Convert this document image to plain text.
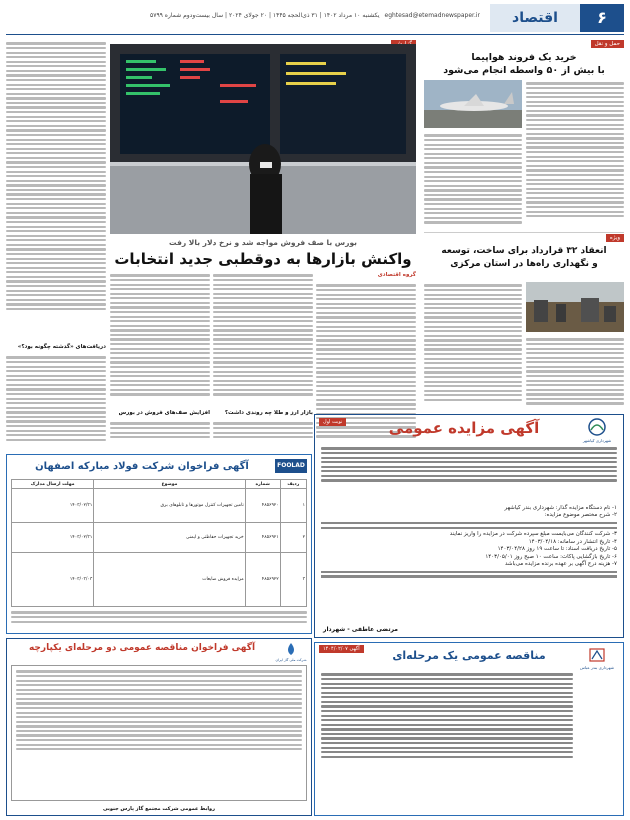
۶
اقتصاد
eghtesad@etemadnewspaper.ir
یکشنبه ۱۰ مرداد ۱۴۰۲ | ۳۱ ذی‌الحجه ۱۴۴۵ | ۲۰ جولای ۲۰۲۴ | سال بیست‌ودوم شماره ۵۷۹۹
حمل و نقل
خرید یک فروند هواپیما
با بیش از ۵۰ واسطه انجام می‌شود
ویژه
انعقاد ۳۲ قرارداد برای ساخت، توسعه
و نگهداری راه‌ها در استان مرکزی
بورس با صف فروش مواجه شد و نرخ دلار بالا رفت
واکنش بازارها به دوقطبی جدید انتخابات
گروه اقتصادی
بازار ارز و طلا چه روندی داشت؟
افزایش صف‌های فروش در بورس
دریافت‌های «گذشته چگونه بود؟»
نوبت اول
شهرداری کیاشهر
آگهی مزایده عمومی
۱- نام دستگاه مزایده گذار: شهرداری بندر کیاشهر
۲- شرح مختصر موضوع مزایده:
۳- شرکت کنندگان می‌بایست مبلغ سپرده شرکت در مزایده را واریز نمایند
۴- تاریخ انتشار در سامانه: ۱۴۰۳/۰۴/۱۸
۵- تاریخ دریافت اسناد: تا ساعت ۱۹ روز ۱۴۰۳/۰۴/۲۸
۶- تاریخ بازگشایی پاکات: ساعت ۱۰ صبح روز ۱۴۰۳/۰۵/۰۱
۷- هزینه درج آگهی بر عهده برنده مزایده می‌باشد
مرتضی عاطفی - شهردار
آگهی ۱۴۰۴/۰۲/۰۷	مناقصه عمومی یک مرحله‌ای
شهرداری بندر عباس
آگهی فراخوان شرکت فولاد مبارکه اصفهان	FOOLAD
ردیف	شماره	موضوع	مهلت ارسال مدارک
۱	۴۸۵۶۹۲۰	تامین تجهیزات کنترل موتورها و تابلوهای برق	۱۴۰۳/۰۲/۳۱
۲	۴۸۵۶۹۲۱	خرید تجهیزات حفاظتی و ایمنی	۱۴۰۳/۰۲/۳۱
۳	۴۸۵۶۹۲۲	مزایده فروش ضایعات	۱۴۰۳/۰۳/۰۳
آگهی فراخوان مناقصه عمومی دو مرحله‌ای یکپارچه
شرکت ملی گاز ایران
روابط عمومی شرکت مجتمع گاز پارس جنوبی
